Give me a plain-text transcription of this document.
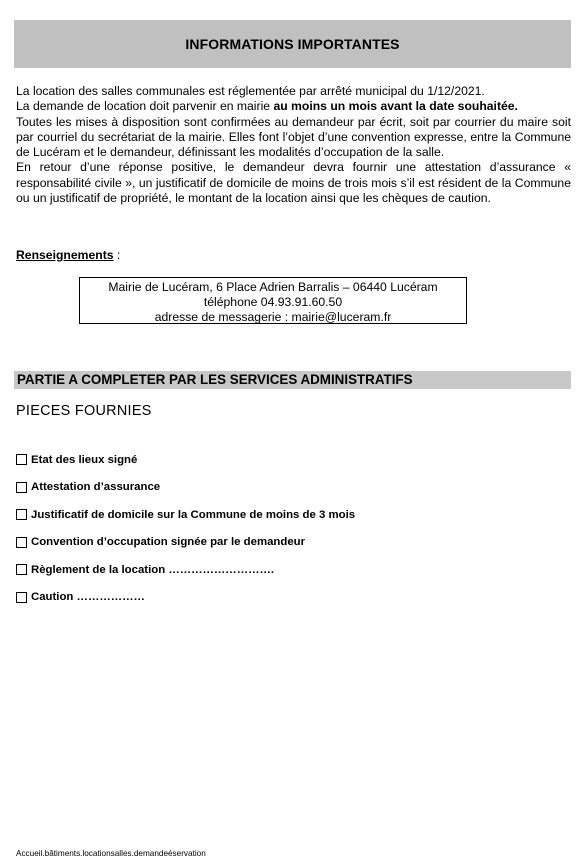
INFORMATIONS IMPORTANTES

La location des salles communales est réglementée par arrêté municipal du 1/12/2021.

La demande de location doit parvenir en mairie au moins un mois avant la date souhaitée.

Toutes les mises à disposition sont confirmées au demandeur par écrit, soit par courrier du maire soit par courriel du secrétariat de la mairie. Elles font l’objet d’une convention expresse, entre la Commune de Lucéram et le demandeur, définissant les modalités d’occupation de la salle.

En retour d’une réponse positive, le demandeur devra fournir une attestation d’assurance « responsabilité civile », un justificatif de domicile de moins de trois mois s’il est résident de la Commune ou un justificatif de propriété, le montant de la location ainsi que les chèques de caution.

Renseignements :
Mairie de Lucéram, 6 Place Adrien Barralis – 06440 Lucéram
téléphone 04.93.91.60.50
adresse de messagerie : mairie@luceram.fr
PARTIE A COMPLETER PAR LES SERVICES ADMINISTRATIFS
PIECES FOURNIES
Etat des lieux signé
Attestation d’assurance
Justificatif de domicile sur la Commune de moins de 3 mois
Convention d’occupation signée par le demandeur
Règlement de la location ……………………….
Caution ………………
Accueil.bâtiments.locationsalles.demandeéservation
